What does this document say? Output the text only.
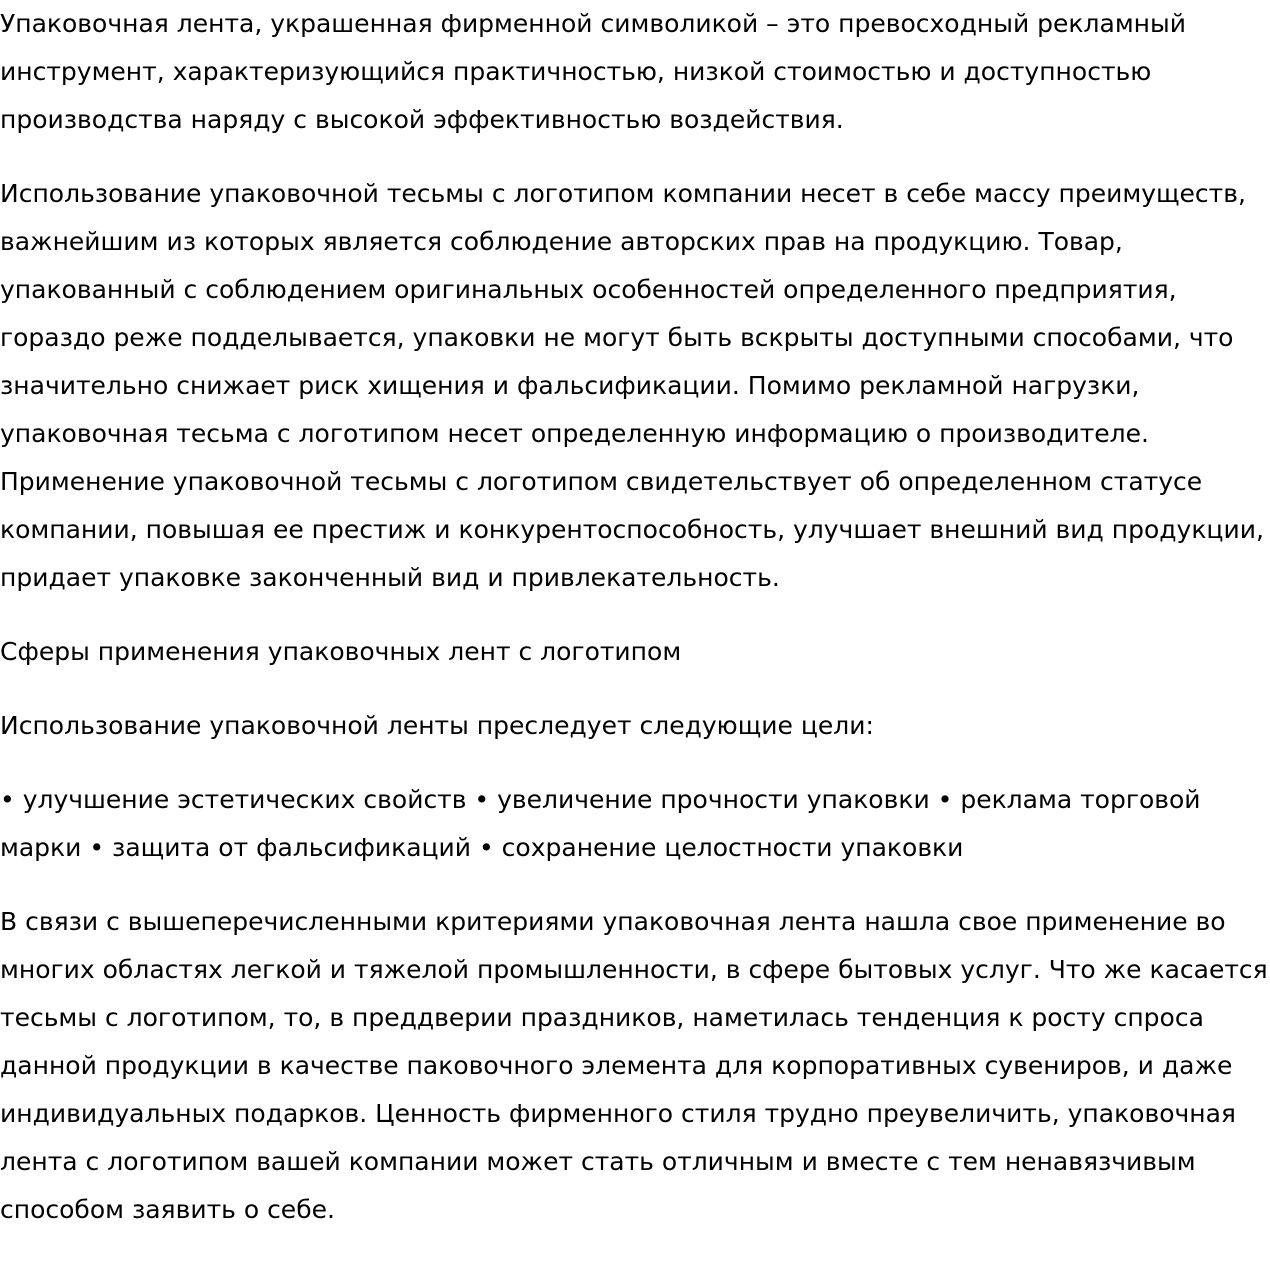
Упаковочная лента, украшенная фирменной символикой – это превосходный рекламный инструмент, характеризующийся практичностью, низкой стоимостью и доступностью производства наряду с высокой эффективностью воздействия.

Использование упаковочной тесьмы с логотипом компании несет в себе массу преимуществ, важнейшим из которых является соблюдение авторских прав на продукцию. Товар, упакованный с соблюдением оригинальных особенностей определенного предприятия, гораздо реже подделывается, упаковки не могут быть вскрыты доступными способами, что значительно снижает риск хищения и фальсификации. Помимо рекламной нагрузки, упаковочная тесьма с логотипом несет определенную информацию о производителе. Применение упаковочной тесьмы с логотипом свидетельствует об определенном статусе компании, повышая ее престиж и конкурентоспособность, улучшает внешний вид продукции, придает упаковке законченный вид и привлекательность.

Сферы применения упаковочных лент с логотипом

Использование упаковочной ленты преследует следующие цели:

• улучшение эстетических свойств • увеличение прочности упаковки • реклама торговой марки • защита от фальсификаций • сохранение целостности упаковки

В связи с вышеперечисленными критериями упаковочная лента нашла свое применение во многих областях легкой и тяжелой промышленности, в сфере бытовых услуг. Что же касается тесьмы с логотипом, то, в преддверии праздников, наметилась тенденция к росту спроса данной продукции в качестве паковочного элемента для корпоративных сувениров, и даже индивидуальных подарков. Ценность фирменного стиля трудно преувеличить, упаковочная лента с логотипом вашей компании может стать отличным и вместе с тем ненавязчивым способом заявить о себе.
